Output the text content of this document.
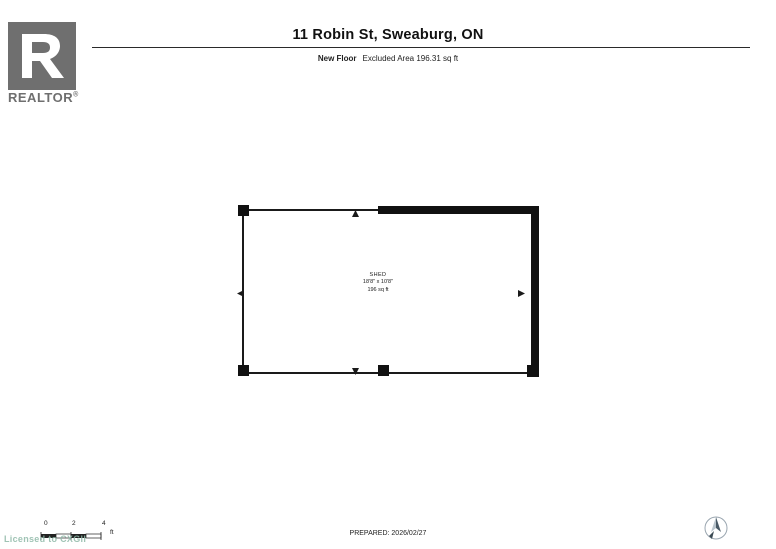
REALTOR®
11 Robin St, Sweaburg, ON
New Floor Excluded Area 196.31 sq ft
SHED
18'8" x 10'8"
196 sq ft
0	2	4
ft	PREPARED: 2026/02/27
Licensed to CXGII
